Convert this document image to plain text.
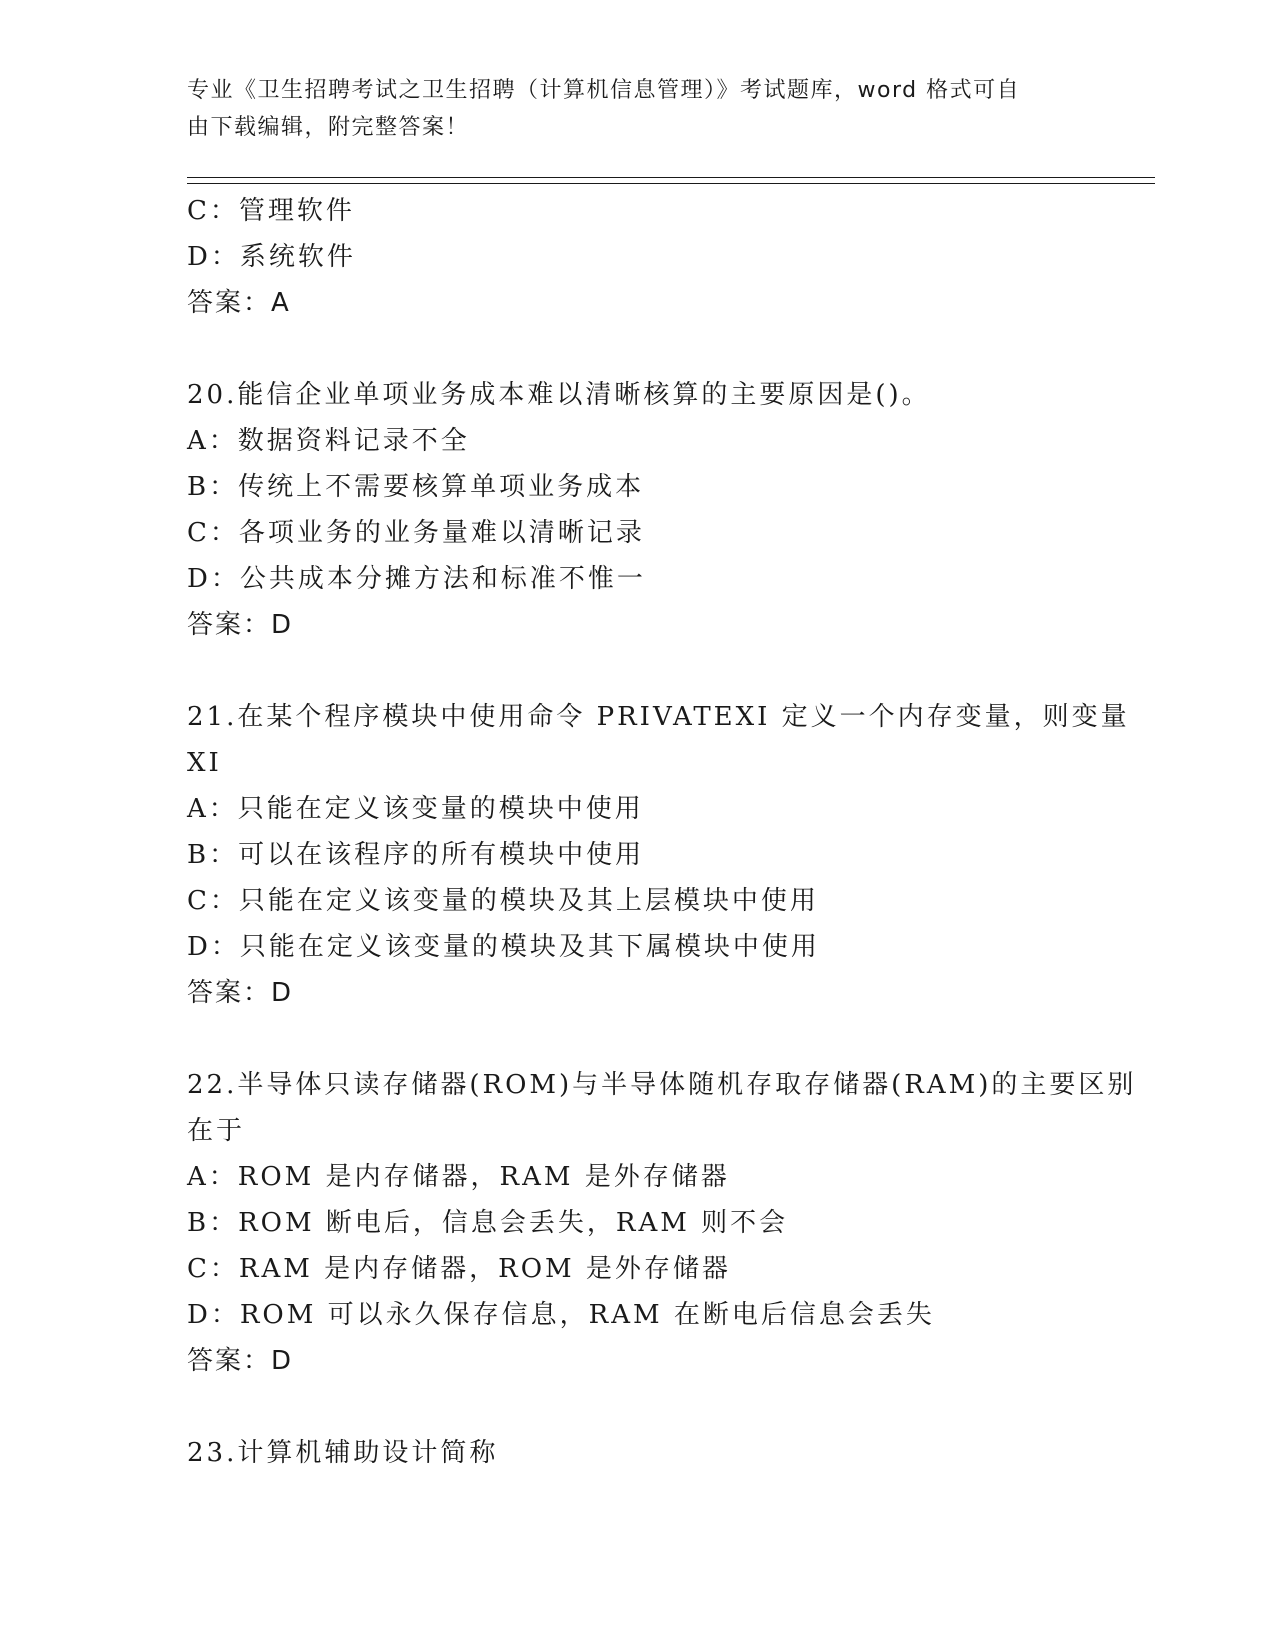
专业《卫生招聘考试之卫生招聘（计算机信息管理）》考试题库，word 格式可自
由下载编辑，附完整答案！
C：管理软件
D：系统软件
答案：A
20.能信企业单项业务成本难以清晰核算的主要原因是()。
A：数据资料记录不全
B：传统上不需要核算单项业务成本
C：各项业务的业务量难以清晰记录
D：公共成本分摊方法和标准不惟一
答案：D
21.在某个程序模块中使用命令 PRIVATEXI 定义一个内存变量，则变量
XI
A：只能在定义该变量的模块中使用
B：可以在该程序的所有模块中使用
C：只能在定义该变量的模块及其上层模块中使用
D：只能在定义该变量的模块及其下属模块中使用
答案：D
22.半导体只读存储器(ROM)与半导体随机存取存储器(RAM)的主要区别
在于
A：ROM 是内存储器，RAM 是外存储器
B：ROM 断电后，信息会丢失，RAM 则不会
C：RAM 是内存储器，ROM 是外存储器
D：ROM 可以永久保存信息，RAM 在断电后信息会丢失
答案：D
23.计算机辅助设计简称
